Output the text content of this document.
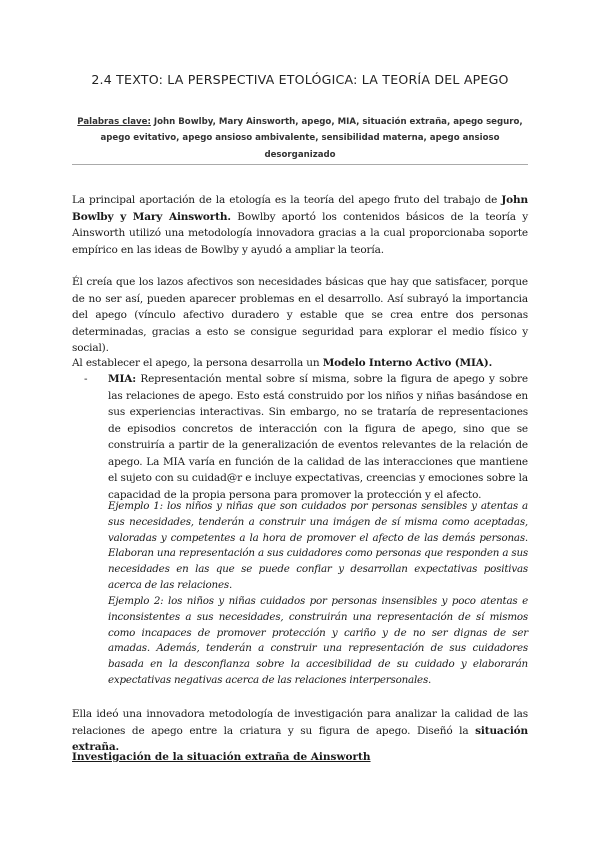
2.4 TEXTO: LA PERSPECTIVA ETOLÓGICA: LA TEORÍA DEL APEGO
Palabras clave: John Bowlby, Mary Ainsworth, apego, MIA, situación extraña, apego seguro, apego evitativo, apego ansioso ambivalente, sensibilidad materna, apego ansioso desorganizado

La principal aportación de la etología es la teoría del apego fruto del trabajo de John Bowlby y Mary Ainsworth. Bowlby aportó los contenidos básicos de la teoría y Ainsworth utilizó una metodología innovadora gracias a la cual proporcionaba soporte empírico en las ideas de Bowlby y ayudó a ampliar la teoría.

Él creía que los lazos afectivos son necesidades básicas que hay que satisfacer, porque de no ser así, pueden aparecer problemas en el desarrollo. Así subrayó la importancia del apego (vínculo afectivo duradero y estable que se crea entre dos personas determinadas, gracias a esto se consigue seguridad para explorar el medio físico y social).

Al establecer el apego, la persona desarrolla un Modelo Interno Activo (MIA).

- MIA: Representación mental sobre sí misma, sobre la figura de apego y sobre las relaciones de apego. Esto está construido por los niños y niñas basándose en sus experiencias interactivas. Sin embargo, no se trataría de representaciones de episodios concretos de interacción con la figura de apego, sino que se construiría a partir de la generalización de eventos relevantes de la relación de apego. La MIA varía en función de la calidad de las interacciones que mantiene el sujeto con su cuidad@r e incluye expectativas, creencias y emociones sobre la capacidad de la propia persona para promover la protección y el afecto.

Ejemplo 1: los niños y niñas que son cuidados por personas sensibles y atentas a sus necesidades, tenderán a construir una imágen de sí misma como aceptadas, valoradas y competentes a la hora de promover el afecto de las demás personas. Elaboran una representación a sus cuidadores como personas que responden a sus necesidades en las que se puede confiar y desarrollan expectativas positivas acerca de las relaciones.

Ejemplo 2: los niños y niñas cuidados por personas insensibles y poco atentas e inconsistentes a sus necesidades, construirán una representación de sí mismos como incapaces de promover protección y cariño y de no ser dignas de ser amadas. Además, tenderán a construir una representación de sus cuidadores basada en la desconfianza sobre la accesibilidad de su cuidado y elaborarán expectativas negativas acerca de las relaciones interpersonales.

Ella ideó una innovadora metodología de investigación para analizar la calidad de las relaciones de apego entre la criatura y su figura de apego. Diseñó la situación extraña.

Investigación de la situación extraña de Ainsworth
